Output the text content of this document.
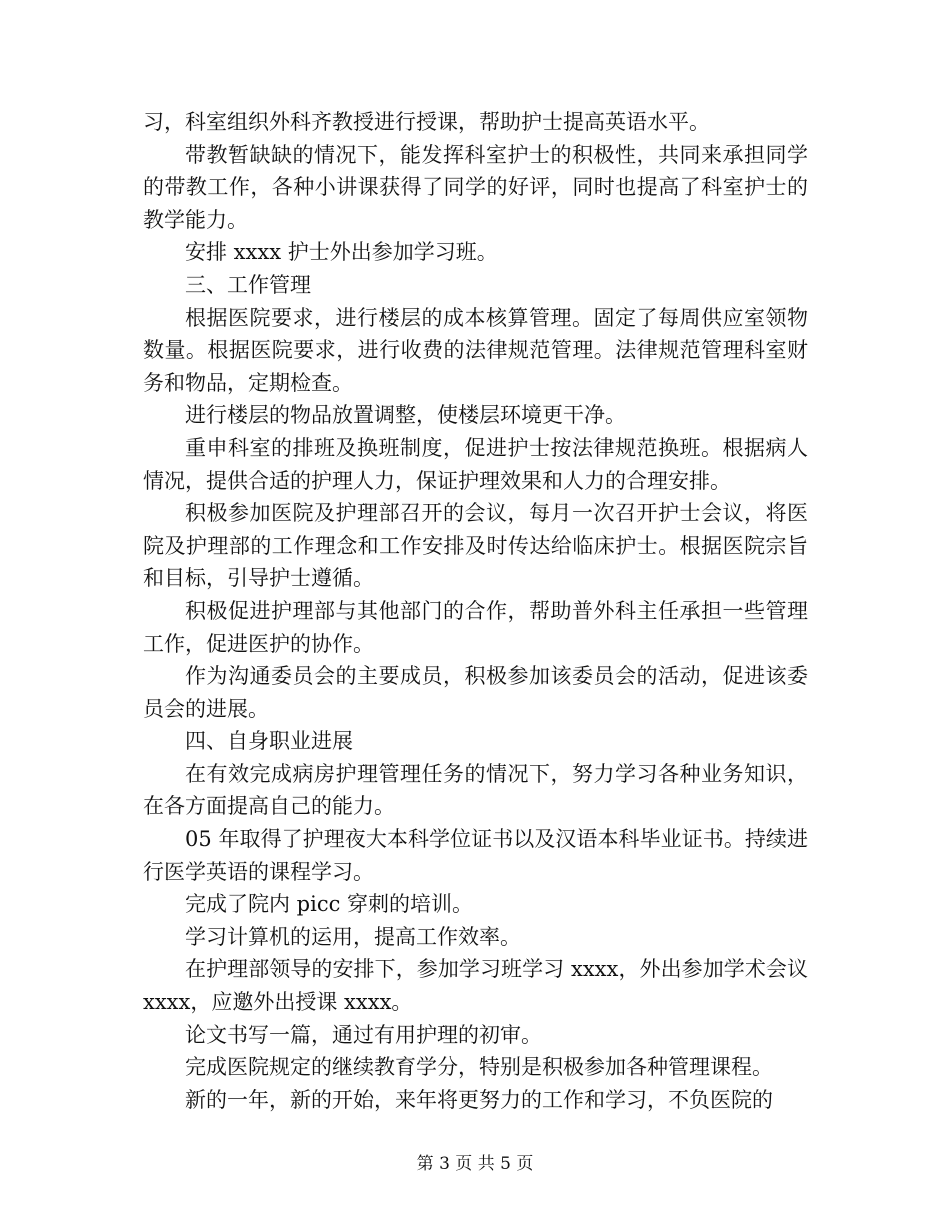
习，科室组织外科齐教授进行授课，帮助护士提高英语水平。

带教暂缺缺的情况下，能发挥科室护士的积极性，共同来承担同学的带教工作，各种小讲课获得了同学的好评，同时也提高了科室护士的教学能力。

安排 xxxx 护士外出参加学习班。

三、工作管理

根据医院要求，进行楼层的成本核算管理。固定了每周供应室领物数量。根据医院要求，进行收费的法律规范管理。法律规范管理科室财务和物品，定期检查。

进行楼层的物品放置调整，使楼层环境更干净。

重申科室的排班及换班制度，促进护士按法律规范换班。根据病人情况，提供合适的护理人力，保证护理效果和人力的合理安排。

积极参加医院及护理部召开的会议，每月一次召开护士会议，将医院及护理部的工作理念和工作安排及时传达给临床护士。根据医院宗旨和目标，引导护士遵循。

积极促进护理部与其他部门的合作，帮助普外科主任承担一些管理工作，促进医护的协作。

作为沟通委员会的主要成员，积极参加该委员会的活动，促进该委员会的进展。

四、自身职业进展

在有效完成病房护理管理任务的情况下，努力学习各种业务知识，在各方面提高自己的能力。

05 年取得了护理夜大本科学位证书以及汉语本科毕业证书。持续进行医学英语的课程学习。

完成了院内 picc 穿刺的培训。

学习计算机的运用，提高工作效率。

在护理部领导的安排下，参加学习班学习 xxxx，外出参加学术会议 xxxx，应邀外出授课 xxxx。

论文书写一篇，通过有用护理的初审。

完成医院规定的继续教育学分，特别是积极参加各种管理课程。

新的一年，新的开始，来年将更努力的工作和学习，不负医院的

第 3 页 共 5 页
